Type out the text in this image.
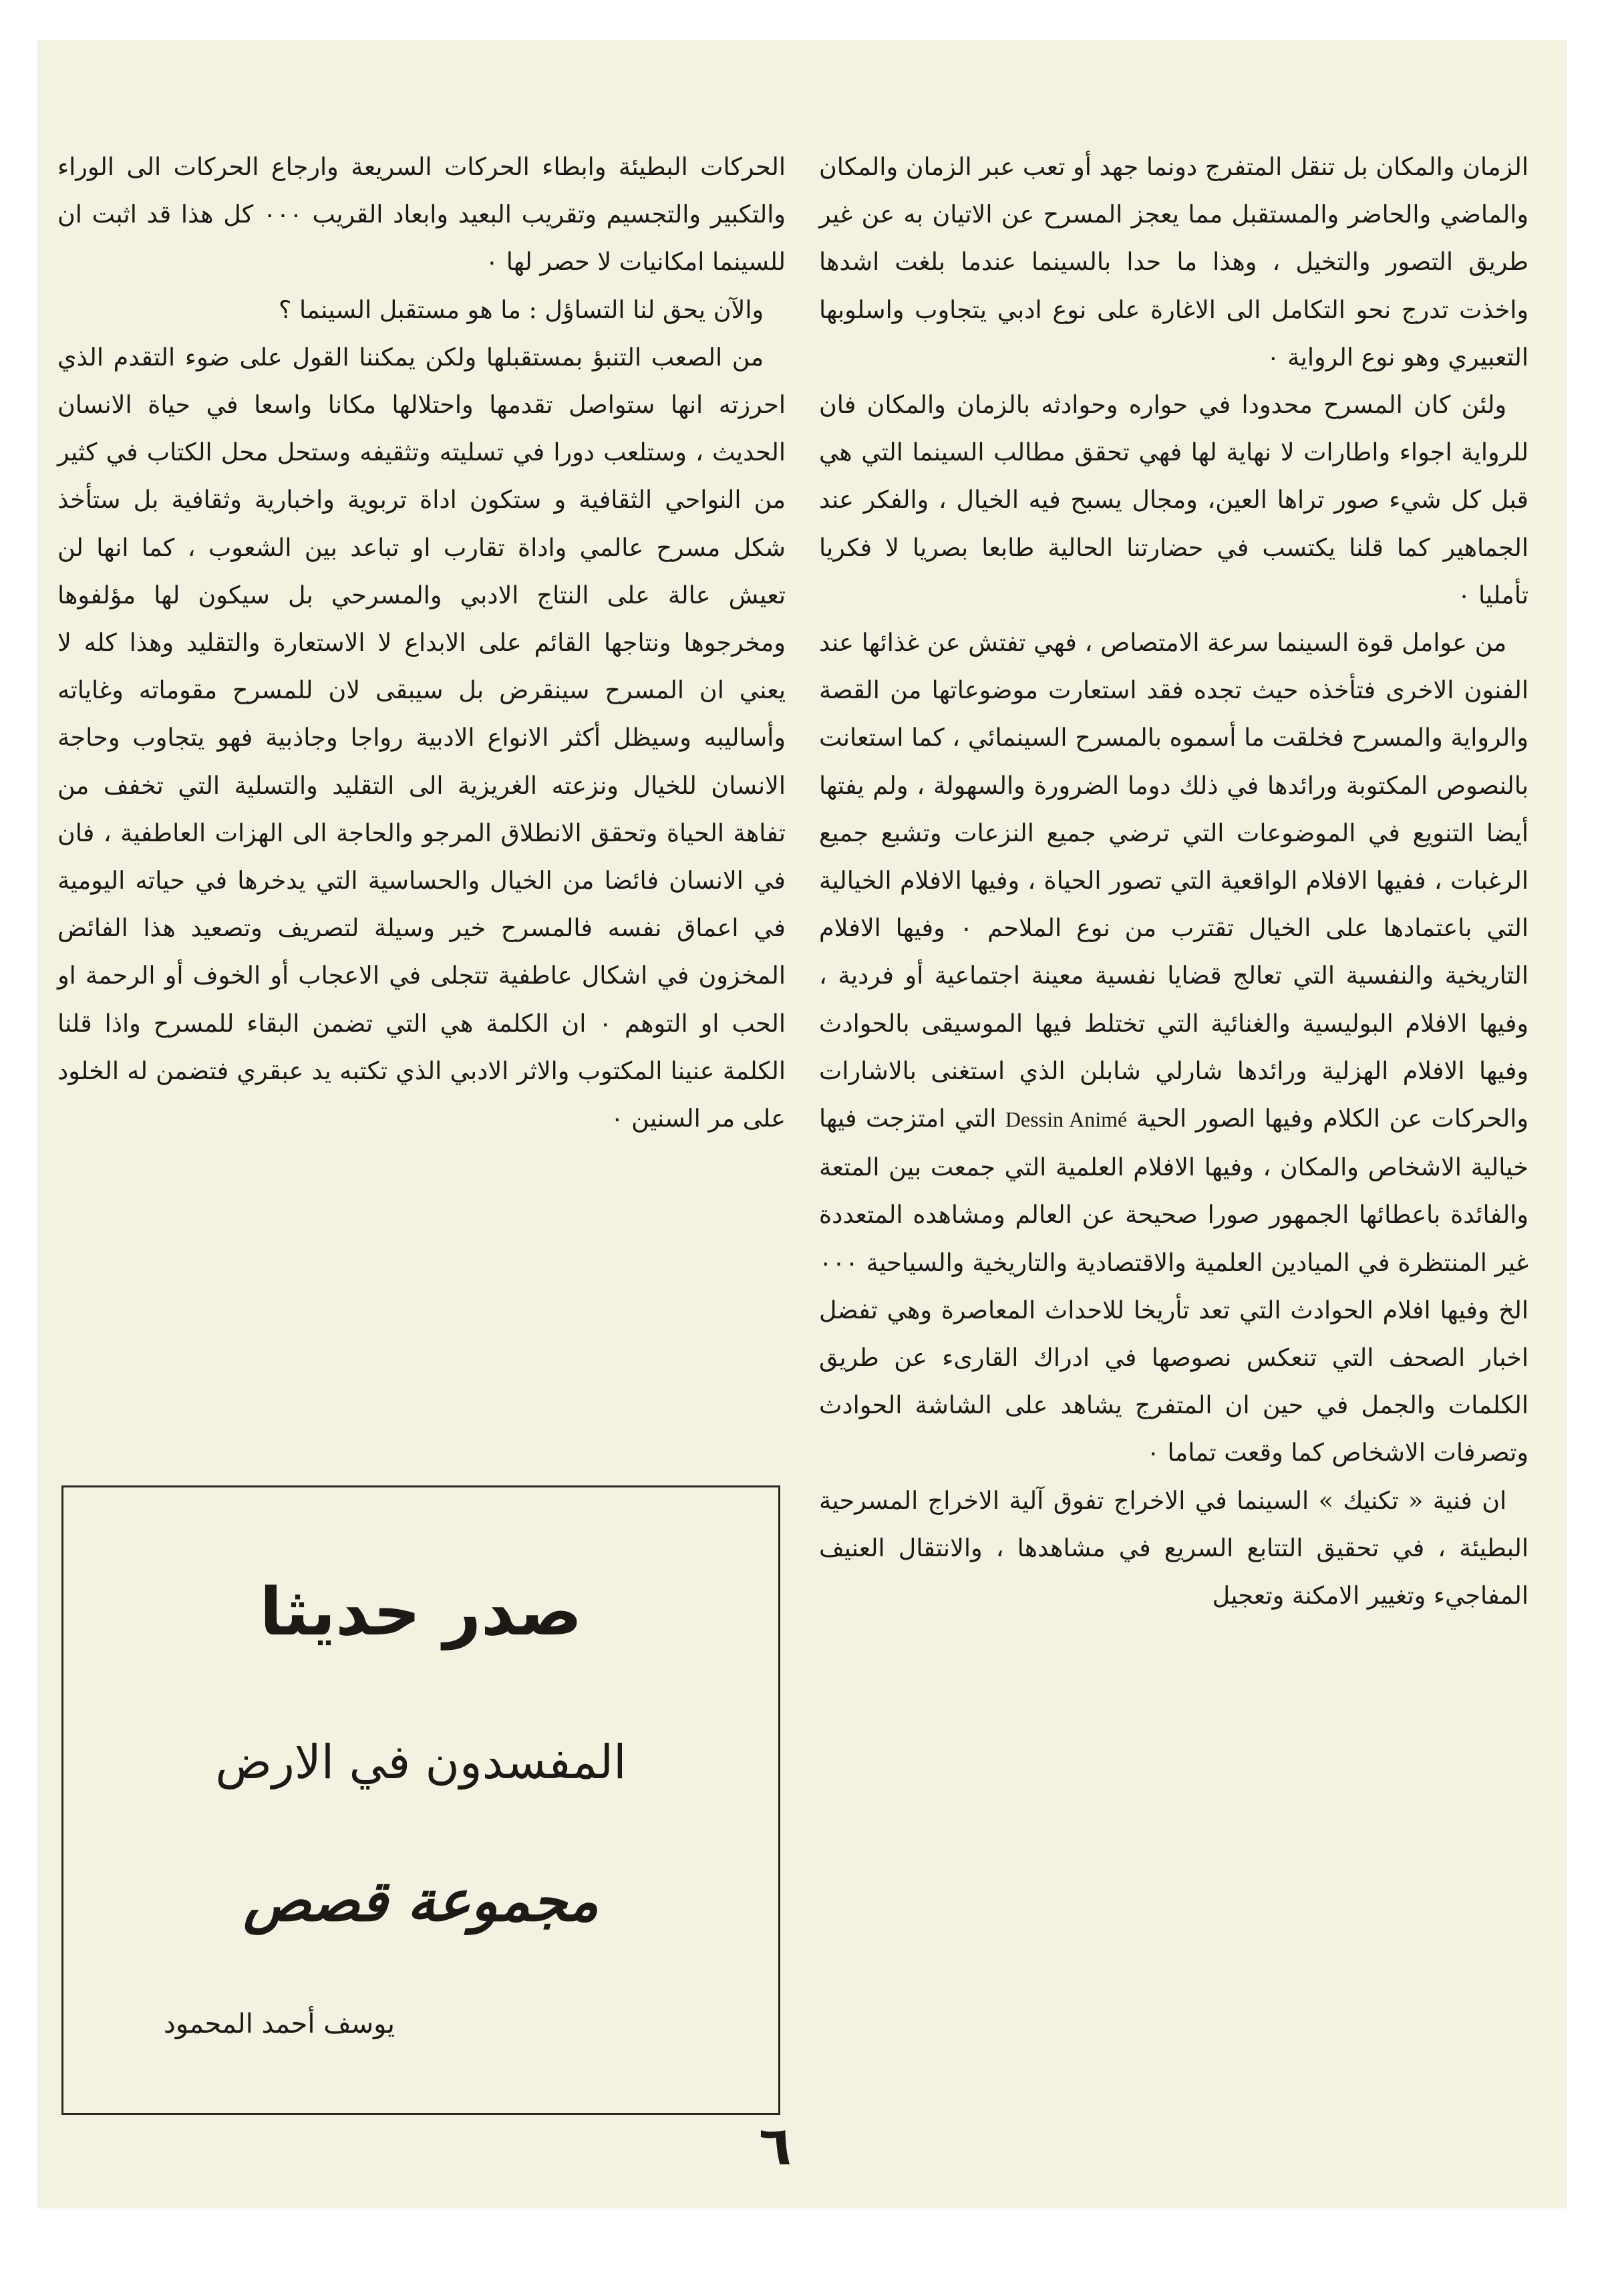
الزمان والمكان بل تنقل المتفرج دونما جهد أو تعب عبر الزمان والمكان والماضي والحاضر والمستقبل مما يعجز المسرح عن الاتيان به عن غير طريق التصور والتخيل ، وهذا ما حدا بالسينما عندما بلغت اشدها واخذت تدرج نحو التكامل الى الاغارة على نوع ادبي يتجاوب واسلوبها التعبيري وهو نوع الرواية ٠

ولئن كان المسرح محدودا في حواره وحوادثه بالزمان والمكان فان للرواية اجواء واطارات لا نهاية لها فهي تحقق مطالب السينما التي هي قبل كل شيء صور تراها العين، ومجال يسبح فيه الخيال ، والفكر عند الجماهير كما قلنا يكتسب في حضارتنا الحالية طابعا بصريا لا فكريا تأمليا ٠

من عوامل قوة السينما سرعة الامتصاص ، فهي تفتش عن غذائها عند الفنون الاخرى فتأخذه حيث تجده فقد استعارت موضوعاتها من القصة والرواية والمسرح فخلقت ما أسموه بالمسرح السينمائي ، كما استعانت بالنصوص المكتوبة ورائدها في ذلك دوما الضرورة والسهولة ، ولم يفتها أيضا التنويع في الموضوعات التي ترضي جميع النزعات وتشبع جميع الرغبات ، ففيها الافلام الواقعية التي تصور الحياة ، وفيها الافلام الخيالية التي باعتمادها على الخيال تقترب من نوع الملاحم ٠ وفيها الافلام التاريخية والنفسية التي تعالج قضايا نفسية معينة اجتماعية أو فردية ، وفيها الافلام البوليسية والغنائية التي تختلط فيها الموسيقى بالحوادث وفيها الافلام الهزلية ورائدها شارلي شابلن الذي استغنى بالاشارات والحركات عن الكلام وفيها الصور الحية Dessin Animé التي امتزجت فيها خيالية الاشخاص والمكان ، وفيها الافلام العلمية التي جمعت بين المتعة والفائدة باعطائها الجمهور صورا صحيحة عن العالم ومشاهده المتعددة غير المنتظرة في الميادين العلمية والاقتصادية والتاريخية والسياحية ٠٠٠ الخ وفيها افلام الحوادث التي تعد تأريخا للاحداث المعاصرة وهي تفضل اخبار الصحف التي تنعكس نصوصها في ادراك القارىء عن طريق الكلمات والجمل في حين ان المتفرج يشاهد على الشاشة الحوادث وتصرفات الاشخاص كما وقعت تماما ٠

ان فنية « تكنيك » السينما في الاخراج تفوق آلية الاخراج المسرحية البطيئة ، في تحقيق التتابع السريع في مشاهدها ، والانتقال العنيف المفاجيء وتغيير الامكنة وتعجيل

الحركات البطيئة وابطاء الحركات السريعة وارجاع الحركات الى الوراء والتكبير والتجسيم وتقريب البعيد وابعاد القريب ٠٠٠ كل هذا قد اثبت ان للسينما امكانيات لا حصر لها ٠

والآن يحق لنا التساؤل : ما هو مستقبل السينما ؟

من الصعب التنبؤ بمستقبلها ولكن يمكننا القول على ضوء التقدم الذي احرزته انها ستواصل تقدمها واحتلالها مكانا واسعا في حياة الانسان الحديث ، وستلعب دورا في تسليته وتثقيفه وستحل محل الكتاب في كثير من النواحي الثقافية و ستكون اداة تربوية واخبارية وثقافية بل ستأخذ شكل مسرح عالمي واداة تقارب او تباعد بين الشعوب ، كما انها لن تعيش عالة على النتاج الادبي والمسرحي بل سيكون لها مؤلفوها ومخرجوها ونتاجها القائم على الابداع لا الاستعارة والتقليد وهذا كله لا يعني ان المسرح سينقرض بل سيبقى لان للمسرح مقوماته وغاياته وأساليبه وسيظل أكثر الانواع الادبية رواجا وجاذبية فهو يتجاوب وحاجة الانسان للخيال ونزعته الغريزية الى التقليد والتسلية التي تخفف من تفاهة الحياة وتحقق الانطلاق المرجو والحاجة الى الهزات العاطفية ، فان في الانسان فائضا من الخيال والحساسية التي يدخرها في حياته اليومية في اعماق نفسه فالمسرح خير وسيلة لتصريف وتصعيد هذا الفائض المخزون في اشكال عاطفية تتجلى في الاعجاب أو الخوف أو الرحمة او الحب او التوهم ٠ ان الكلمة هي التي تضمن البقاء للمسرح واذا قلنا الكلمة عنينا المكتوب والاثر الادبي الذي تكتبه يد عبقري فتضمن له الخلود على مر السنين ٠

صدر حديثا
المفسدون في الارض
مجموعة قصص
يوسف أحمد المحمود
٦
